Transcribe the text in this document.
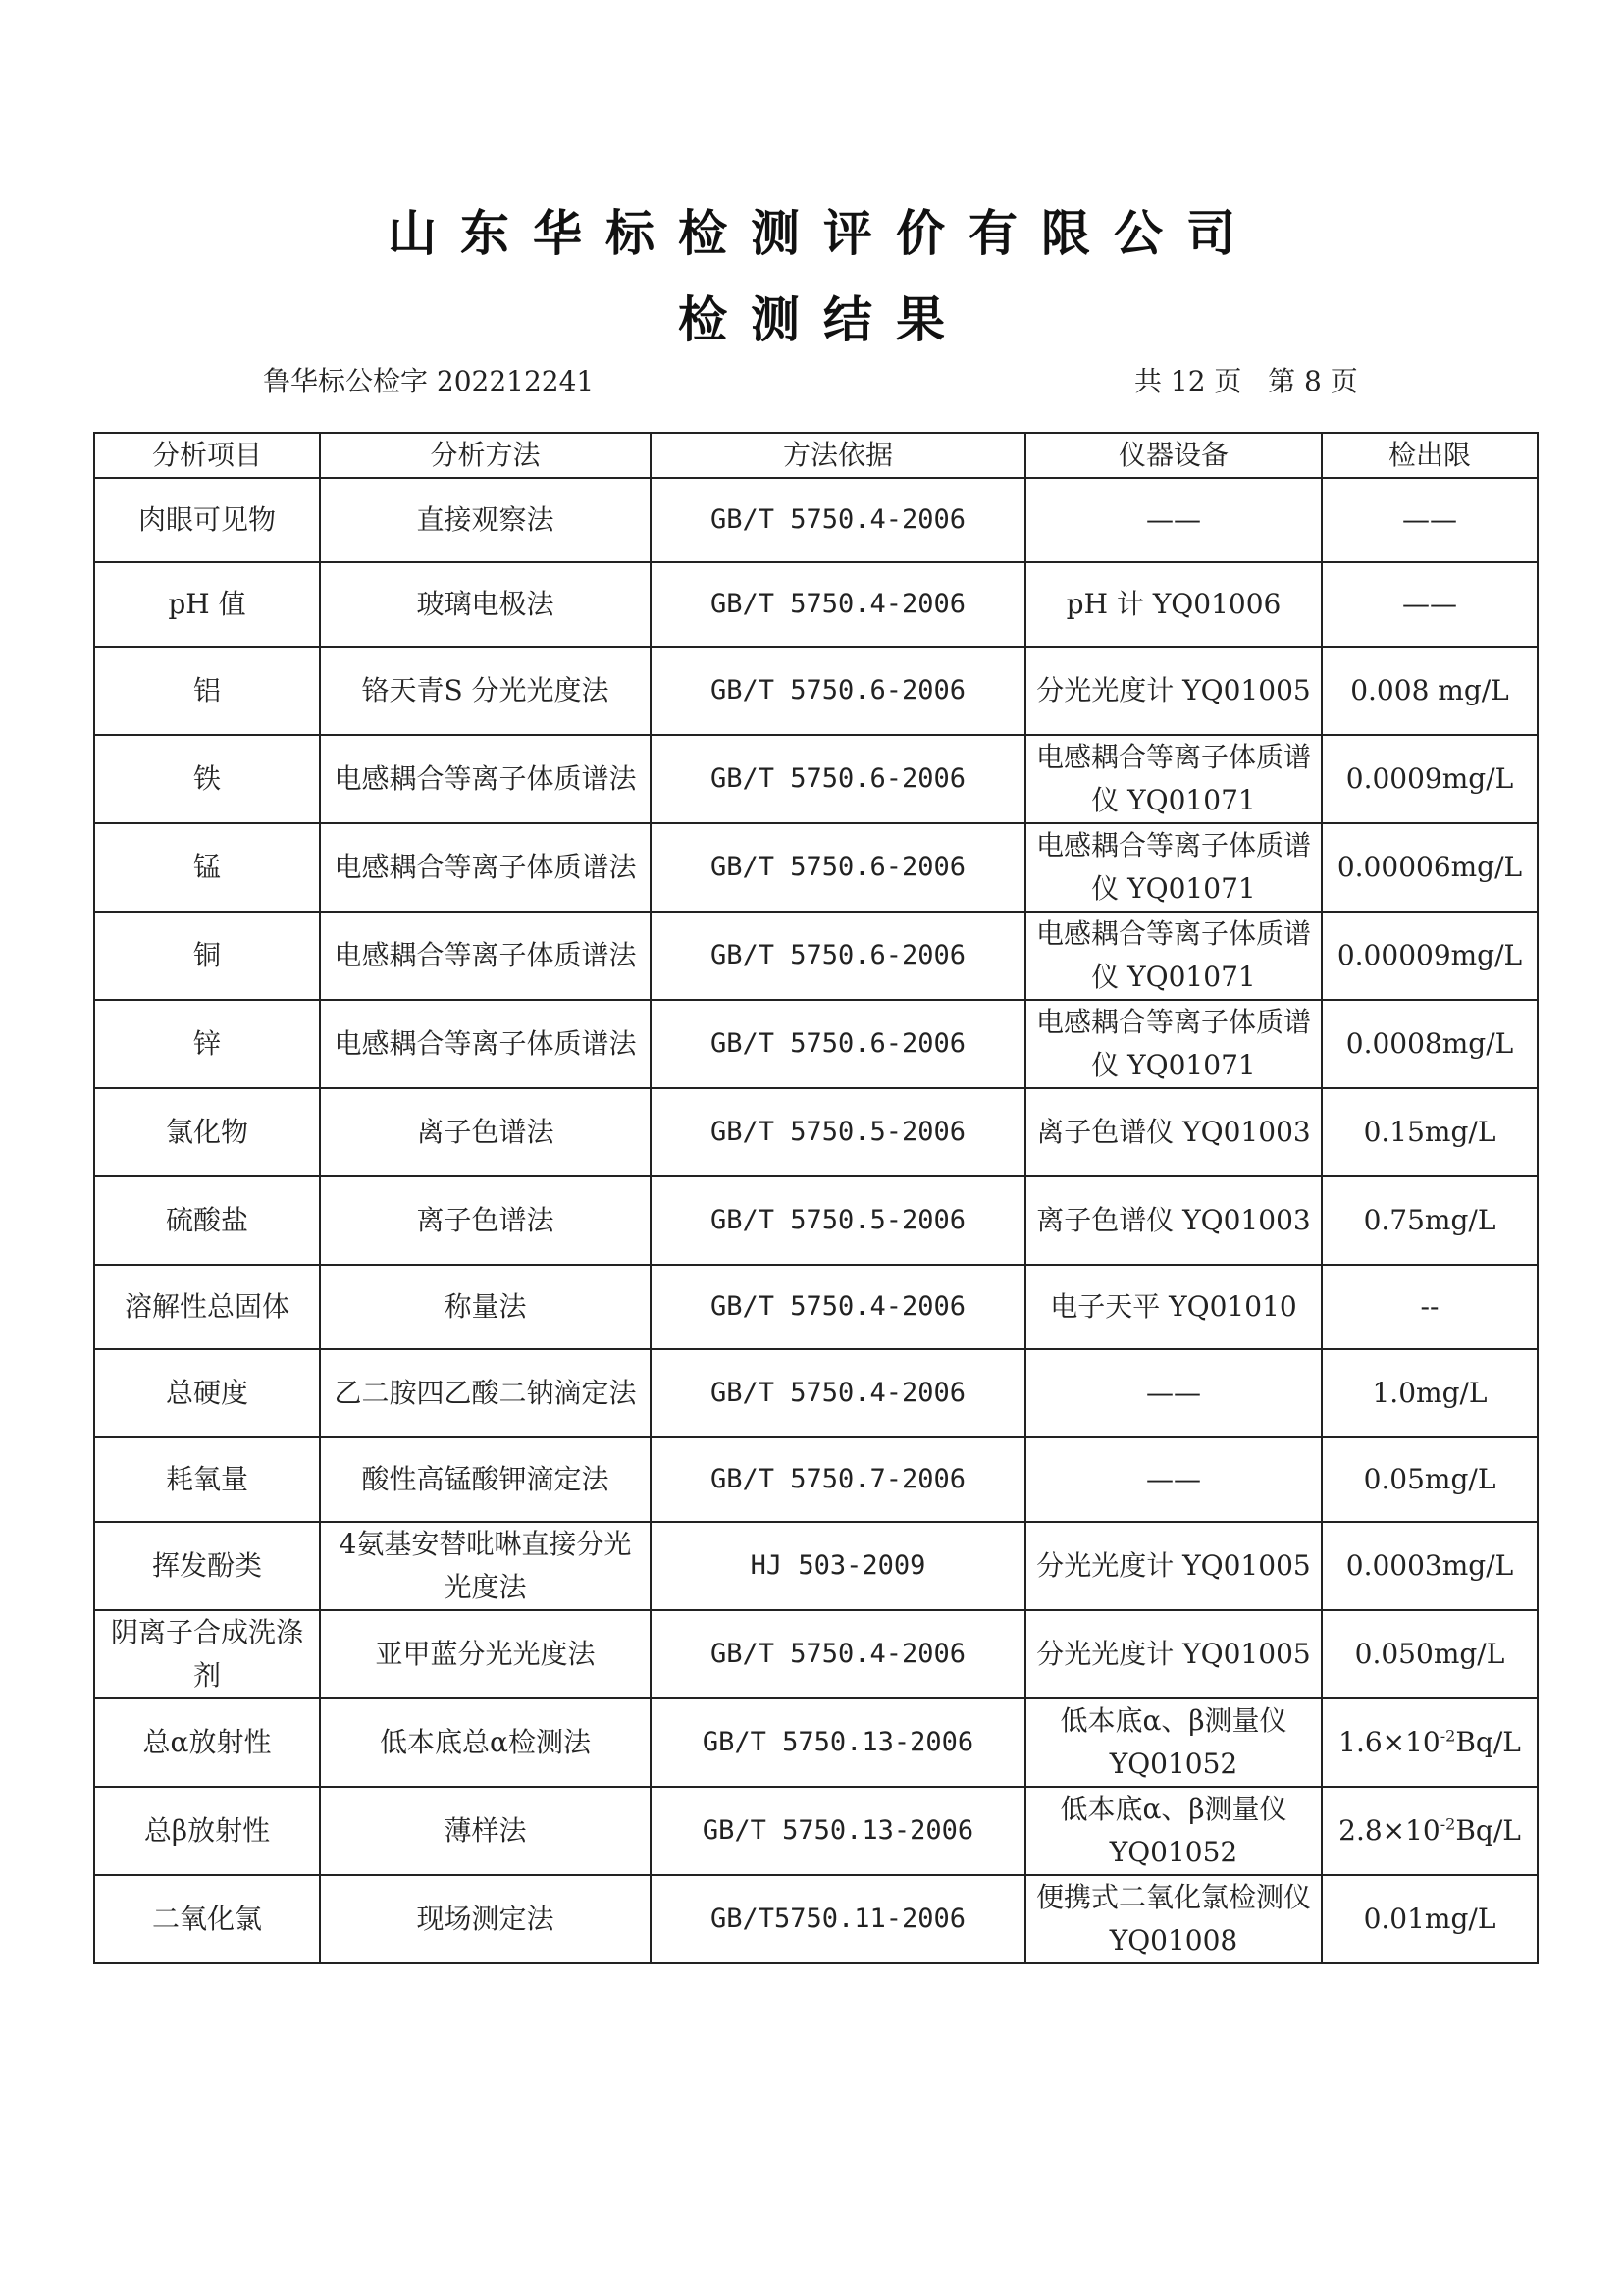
山东华标检测评价有限公司
检测结果
鲁华标公检字 202212241	共 12 页 第 8 页
分析项目	分析方法	方法依据	仪器设备	检出限
肉眼可见物	直接观察法	GB/T 5750.4-2006	——	——
pH 值	玻璃电极法	GB/T 5750.4-2006	pH 计 YQ01006	——
铝	铬天青S 分光光度法	GB/T 5750.6-2006	分光光度计 YQ01005	0.008 mg/L
铁	电感耦合等离子体质谱法	GB/T 5750.6-2006	电感耦合等离子体质谱仪 YQ01071	0.0009mg/L
锰	电感耦合等离子体质谱法	GB/T 5750.6-2006	电感耦合等离子体质谱仪 YQ01071	0.00006mg/L
铜	电感耦合等离子体质谱法	GB/T 5750.6-2006	电感耦合等离子体质谱仪 YQ01071	0.00009mg/L
锌	电感耦合等离子体质谱法	GB/T 5750.6-2006	电感耦合等离子体质谱仪 YQ01071	0.0008mg/L
氯化物	离子色谱法	GB/T 5750.5-2006	离子色谱仪 YQ01003	0.15mg/L
硫酸盐	离子色谱法	GB/T 5750.5-2006	离子色谱仪 YQ01003	0.75mg/L
溶解性总固体	称量法	GB/T 5750.4-2006	电子天平 YQ01010	--
总硬度	乙二胺四乙酸二钠滴定法	GB/T 5750.4-2006	——	1.0mg/L
耗氧量	酸性高锰酸钾滴定法	GB/T 5750.7-2006	——	0.05mg/L
挥发酚类	4氨基安替吡啉直接分光光度法	HJ 503-2009	分光光度计 YQ01005	0.0003mg/L
阴离子合成洗涤剂	亚甲蓝分光光度法	GB/T 5750.4-2006	分光光度计 YQ01005	0.050mg/L
总α放射性	低本底总α检测法	GB/T 5750.13-2006	低本底α、β测量仪 YQ01052	$1.6\times 10^{-2}Bq/L$
总β放射性	薄样法	GB/T 5750.13-2006	低本底α、β测量仪 YQ01052	$2.8\times 10^{-2}Bq/L$
二氧化氯	现场测定法	GB/T5750.11-2006	便携式二氧化氯检测仪 YQ01008	0.01mg/L
